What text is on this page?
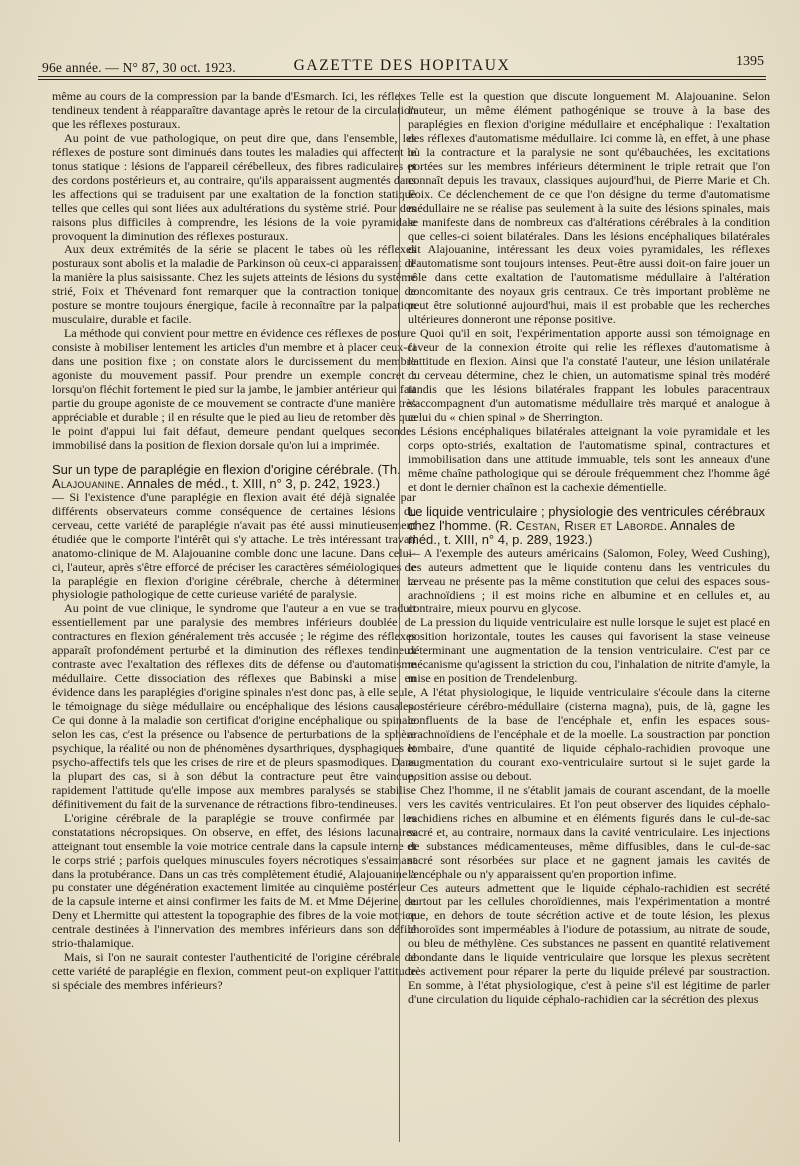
96e année. — N° 87, 30 oct. 1923.	GAZETTE DES HOPITAUX	1395

même au cours de la compression par la bande d'Esmarch. Ici, les réflexes tendineux tendent à réapparaître davantage après le retour de la circulation que les réflexes posturaux.

Au point de vue pathologique, on peut dire que, dans l'ensemble, les réflexes de posture sont diminués dans toutes les maladies qui affectent le tonus statique : lésions de l'appareil cérébelleux, des fibres radiculaires et des cordons postérieurs et, au contraire, qu'ils apparaissent augmentés dans les affections qui se traduisent par une exaltation de la fonction statique telles que celles qui sont liées aux adultérations du système strié. Pour des raisons plus difficiles à comprendre, les lésions de la voie pyramidale provoquent la diminution des réflexes posturaux.

Aux deux extrémités de la série se placent le tabes où les réflexes posturaux sont abolis et la maladie de Parkinson où ceux-ci apparaissent de la manière la plus saisissante. Chez les sujets atteints de lésions du système strié, Foix et Thévenard font remarquer que la contraction tonique de posture se montre toujours énergique, facile à reconnaître par la palpation musculaire, durable et facile.

La méthode qui convient pour mettre en évidence ces réflexes de posture consiste à mobiliser lentement les articles d'un membre et à placer ceux-ci dans une position fixe ; on constate alors le durcissement du membre agoniste du mouvement passif. Pour prendre un exemple concret : lorsqu'on fléchit fortement le pied sur la jambe, le jambier antérieur qui fait partie du groupe agoniste de ce mouvement se contracte d'une manière très appréciable et durable ; il en résulte que le pied au lieu de retomber dès que le point d'appui lui fait défaut, demeure pendant quelques secondes immobilisé dans la position de flexion dorsale qu'on lui a imprimée.

Sur un type de paraplégie en flexion d'origine cérébrale. (Th. Alajouanine. Annales de méd., t. XIII, n° 3, p. 242, 1923.)

— Si l'existence d'une paraplégie en flexion avait été déjà signalée par différents observateurs comme conséquence de certaines lésions du cerveau, cette variété de paraplégie n'avait pas été aussi minutieusement étudiée que le comporte l'intérêt qui s'y attache. Le très intéressant travail anatomo-clinique de M. Alajouanine comble donc une lacune. Dans celui-ci, l'auteur, après s'être efforcé de préciser les caractères séméiologiques de la paraplégie en flexion d'origine cérébrale, cherche à déterminer la physiologie pathologique de cette curieuse variété de paralysie.

Au point de vue clinique, le syndrome que l'auteur a en vue se traduit essentiellement par une paralysie des membres inférieurs doublée de contractures en flexion généralement très accusée ; le régime des réflexes apparaît profondément perturbé et la diminution des réflexes tendineux contraste avec l'exaltation des réflexes dits de défense ou d'automatisme médullaire. Cette dissociation des réflexes que Babinski a mise en évidence dans les paraplégies d'origine spinales n'est donc pas, à elle seule, le témoignage du siège médullaire ou encéphalique des lésions causales. Ce qui donne à la maladie son certificat d'origine encéphalique ou spinale selon les cas, c'est la présence ou l'absence de perturbations de la sphère psychique, la réalité ou non de phénomènes dysarthriques, dysphagiques et psycho-affectifs tels que les crises de rire et de pleurs spasmodiques. Dans la plupart des cas, si à son début la contracture peut être vaincue, rapidement l'attitude qu'elle impose aux membres paralysés se stabilise définitivement du fait de la survenance de rétractions fibro-tendineuses.

L'origine cérébrale de la paraplégie se trouve confirmée par les constatations nécropsiques. On observe, en effet, des lésions lacunaires atteignant tout ensemble la voie motrice centrale dans la capsule interne et le corps strié ; parfois quelques minuscules foyers nécrotiques s'essaimant dans la protubérance. Dans un cas très complètement étudié, Alajouanine a pu constater une dégénération exactement limitée au cinquième postérieur de la capsule interne et ainsi confirmer les faits de M. et Mme Déjerine, de Deny et Lhermitte qui attestent la topographie des fibres de la voie motrice centrale destinées à l'innervation des membres inférieurs dans son défilé strio-thalamique.

Mais, si l'on ne saurait contester l'authenticité de l'origine cérébrale de cette variété de paraplégie en flexion, comment peut-on expliquer l'attitude si spéciale des membres inférieurs?

Telle est la question que discute longuement M. Alajouanine. Selon l'auteur, un même élément pathogénique se trouve à la base des paraplégies en flexion d'origine médullaire et encéphalique : l'exaltation des réflexes d'automatisme médullaire. Ici comme là, en effet, à une phase où la contracture et la paralysie ne sont qu'ébauchées, les excitations portées sur les membres inférieurs déterminent le triple retrait que l'on connaît depuis les travaux, classiques aujourd'hui, de Pierre Marie et Ch. Foix. Ce déclenchement de ce que l'on désigne du terme d'automatisme médullaire ne se réalise pas seulement à la suite des lésions spinales, mais se manifeste dans de nombreux cas d'altérations cérébrales à la condition que celles-ci soient bilatérales. Dans les lésions encéphaliques bilatérales dit Alajouanine, intéressant les deux voies pyramidales, les réflexes d'automatisme sont toujours intenses. Peut-être aussi doit-on faire jouer un rôle dans cette exaltation de l'automatisme médullaire à l'altération concomitante des noyaux gris centraux. Ce très important problème ne peut être solutionné aujourd'hui, mais il est probable que les recherches ultérieures donneront une réponse positive.

Quoi qu'il en soit, l'expérimentation apporte aussi son témoignage en faveur de la connexion étroite qui relie les réflexes d'automatisme à l'attitude en flexion. Ainsi que l'a constaté l'auteur, une lésion unilatérale du cerveau détermine, chez le chien, un automatisme spinal très modéré tandis que les lésions bilatérales frappant les lobules paracentraux s'accompagnent d'un automatisme médullaire très marqué et analogue à celui du « chien spinal » de Sherrington.

Lésions encéphaliques bilatérales atteignant la voie pyramidale et les corps opto-striés, exaltation de l'automatisme spinal, contractures et immobilisation dans une attitude immuable, tels sont les anneaux d'une même chaîne pathologique qui se déroule fréquemment chez l'homme âgé et dont le dernier chaînon est la cachexie démentielle.

Le liquide ventriculaire ; physiologie des ventricules cérébraux chez l'homme. (R. Cestan, Riser et Laborde. Annales de méd., t. XIII, n° 4, p. 289, 1923.)

— A l'exemple des auteurs américains (Salomon, Foley, Weed Cushing), les auteurs admettent que le liquide contenu dans les ventricules du cerveau ne présente pas la même constitution que celui des espaces sous-arachnoïdiens ; il est moins riche en albumine et en cellules et, au contraire, mieux pourvu en glycose.

La pression du liquide ventriculaire est nulle lorsque le sujet est placé en position horizontale, toutes les causes qui favorisent la stase veineuse déterminant une augmentation de la tension ventriculaire. C'est par ce mécanisme qu'agissent la striction du cou, l'inhalation de nitrite d'amyle, la mise en position de Trendelenburg.

A l'état physiologique, le liquide ventriculaire s'écoule dans la citerne postérieure cérébro-médullaire (cisterna magna), puis, de là, gagne les confluents de la base de l'encéphale et, enfin les espaces sous-arachnoïdiens de l'encéphale et de la moelle. La soustraction par ponction lombaire, d'une quantité de liquide céphalo-rachidien provoque une augmentation du courant exo-ventriculaire surtout si le sujet garde la position assise ou debout.

Chez l'homme, il ne s'établit jamais de courant ascendant, de la moelle vers les cavités ventriculaires. Et l'on peut observer des liquides céphalo-rachidiens riches en albumine et en éléments figurés dans le cul-de-sac sacré et, au contraire, normaux dans la cavité ventriculaire. Les injections de substances médicamenteuses, même diffusibles, dans le cul-de-sac sacré sont résorbées sur place et ne gagnent jamais les cavités de l'encéphale ou n'y apparaissent qu'en proportion infime.

Ces auteurs admettent que le liquide céphalo-rachidien est secrété surtout par les cellules choroïdiennes, mais l'expérimentation a montré que, en dehors de toute sécrétion active et de toute lésion, les plexus choroïdes sont imperméables à l'iodure de potassium, au nitrate de soude, ou bleu de méthylène. Ces substances ne passent en quantité relativement abondante dans le liquide ventriculaire que lorsque les plexus secrètent très activement pour réparer la perte du liquide prélevé par soustraction. En somme, à l'état physiologique, c'est à peine s'il est légitime de parler d'une circulation du liquide céphalo-rachidien car la sécrétion des plexus
